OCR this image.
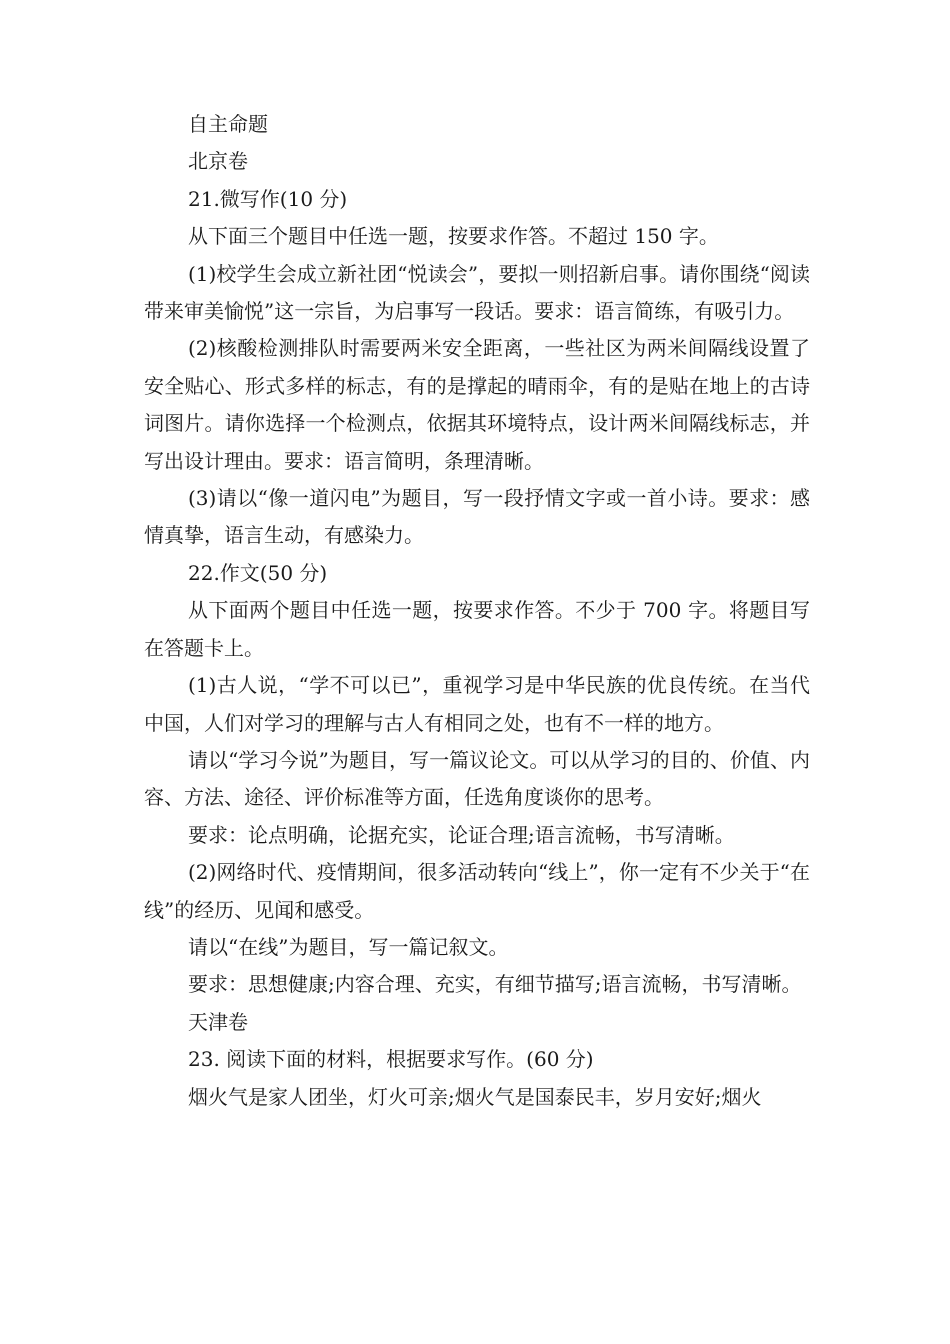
自主命题

北京卷

21.微写作(10 分)

从下面三个题目中任选一题，按要求作答。不超过 150 字。

(1)校学生会成立新社团“悦读会”，要拟一则招新启事。请你围绕“阅读带来审美愉悦”这一宗旨，为启事写一段话。要求：语言简练，有吸引力。

(2)核酸检测排队时需要两米安全距离，一些社区为两米间隔线设置了安全贴心、形式多样的标志，有的是撑起的晴雨伞，有的是贴在地上的古诗词图片。请你选择一个检测点，依据其环境特点，设计两米间隔线标志，并写出设计理由。要求：语言简明，条理清晰。

(3)请以“像一道闪电”为题目，写一段抒情文字或一首小诗。要求：感情真挚，语言生动，有感染力。

22.作文(50 分)

从下面两个题目中任选一题，按要求作答。不少于 700 字。将题目写在答题卡上。

(1)古人说，“学不可以已”，重视学习是中华民族的优良传统。在当代中国，人们对学习的理解与古人有相同之处，也有不一样的地方。

请以“学习今说”为题目，写一篇议论文。可以从学习的目的、价值、内容、方法、途径、评价标准等方面，任选角度谈你的思考。

要求：论点明确，论据充实，论证合理;语言流畅，书写清晰。

(2)网络时代、疫情期间，很多活动转向“线上”，你一定有不少关于“在线”的经历、见闻和感受。

请以“在线”为题目，写一篇记叙文。

要求：思想健康;内容合理、充实，有细节描写;语言流畅，书写清晰。

天津卷

23. 阅读下面的材料，根据要求写作。(60 分)

烟火气是家人团坐，灯火可亲;烟火气是国泰民丰，岁月安好;烟火
